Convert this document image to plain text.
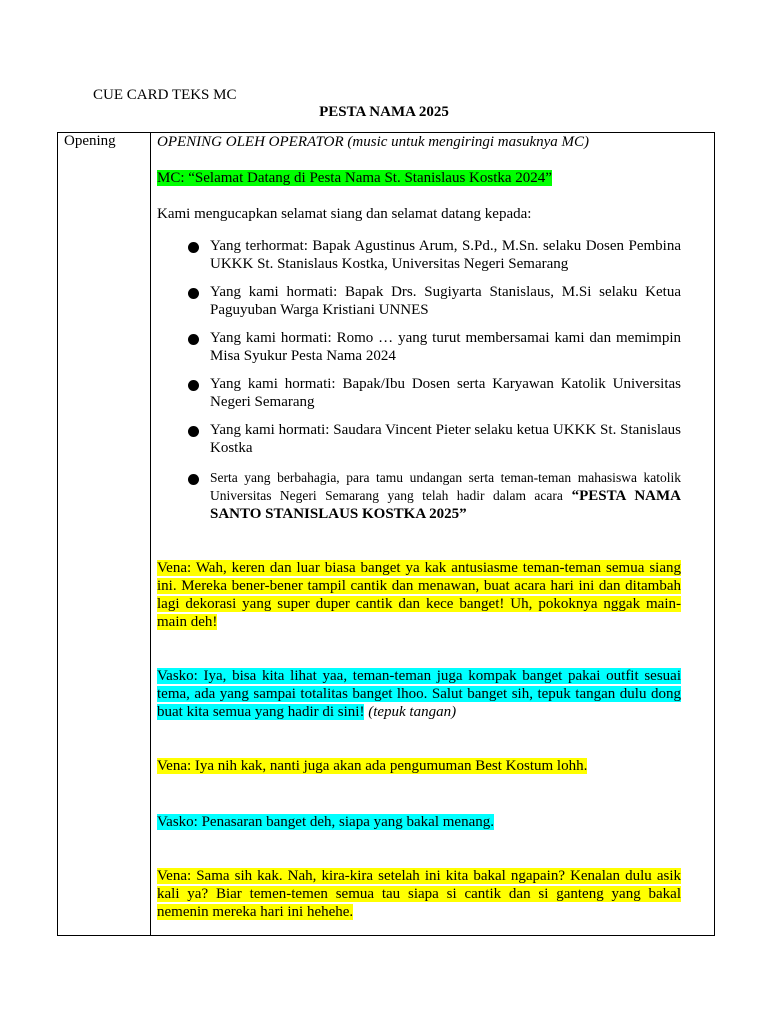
CUE CARD TEKS MC
PESTA NAMA 2025
Opening	OPENING OLEH OPERATOR (music untuk mengiringi masuknya MC)

MC: “Selamat Datang di Pesta Nama St. Stanislaus Kostka 2024”

Kami mengucapkan selamat siang dan selamat datang kepada:

Yang terhormat: Bapak Agustinus Arum, S.Pd., M.Sn. selaku Dosen Pembina UKKK St. Stanislaus Kostka, Universitas Negeri Semarang
Yang kami hormati: Bapak Drs. Sugiyarta Stanislaus, M.Si selaku Ketua Paguyuban Warga Kristiani UNNES
Yang kami hormati: Romo … yang turut membersamai kami dan memimpin Misa Syukur Pesta Nama 2024
Yang kami hormati: Bapak/Ibu Dosen serta Karyawan Katolik Universitas Negeri Semarang
Yang kami hormati: Saudara Vincent Pieter selaku ketua UKKK St. Stanislaus Kostka
Serta yang berbahagia, para tamu undangan serta teman-teman mahasiswa katolik Universitas Negeri Semarang yang telah hadir dalam acara “PESTA NAMA SANTO STANISLAUS KOSTKA 2025”

Vena: Wah, keren dan luar biasa banget ya kak antusiasme teman-teman semua siang ini. Mereka bener-bener tampil cantik dan menawan, buat acara hari ini dan ditambah lagi dekorasi yang super duper cantik dan kece banget! Uh, pokoknya nggak main-main deh!

Vasko: Iya, bisa kita lihat yaa, teman-teman juga kompak banget pakai outfit sesuai tema, ada yang sampai totalitas banget lhoo. Salut banget sih, tepuk tangan dulu dong buat kita semua yang hadir di sini! (tepuk tangan)

Vena: Iya nih kak, nanti juga akan ada pengumuman Best Kostum lohh.

Vasko: Penasaran banget deh, siapa yang bakal menang.

Vena: Sama sih kak. Nah, kira-kira setelah ini kita bakal ngapain? Kenalan dulu asik kali ya? Biar temen-temen semua tau siapa si cantik dan si ganteng yang bakal nemenin mereka hari ini hehehe.
